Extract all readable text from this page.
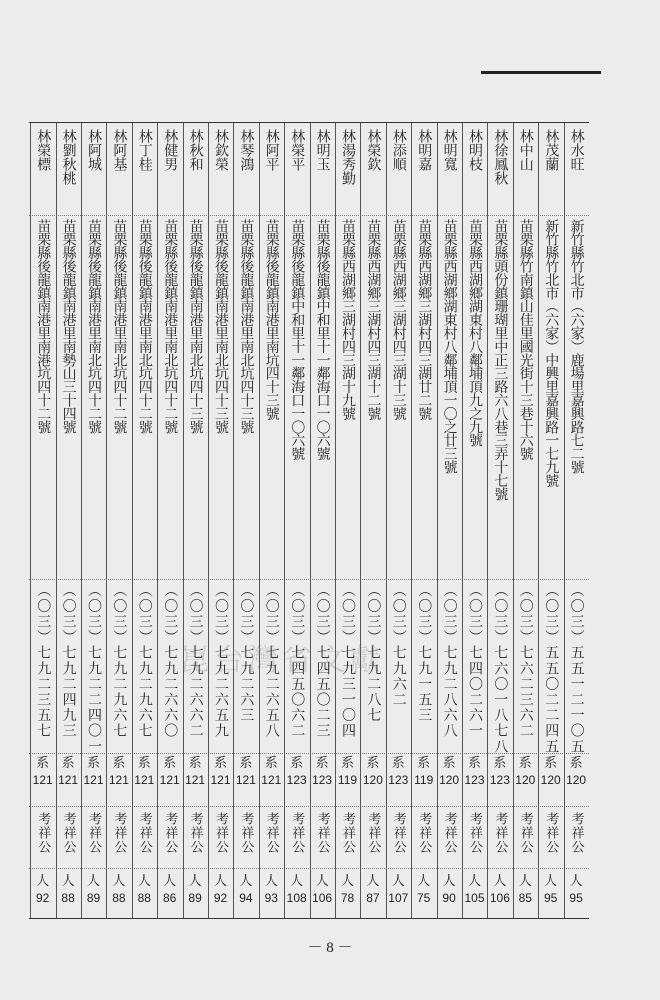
崑台灣省文獻
林水旺
新竹縣竹北市（六家）鹿場里嘉興路七二號
（〇三）五五一二一〇五
系
120
考祥公
人
95
林茂蘭
新竹縣竹北市（六家）中興里嘉興路一七九號
（〇三）五五〇二二四五
系
120
考祥公
人
95
林中山
苗栗縣竹南鎮山佳里國光街十三巷十六號
（〇三）七六二三六二
系
120
考祥公
人
85
林徐鳳秋
苗栗縣頭份鎮珊瑚里中正三路六八巷三弄十七號
（〇三）七六〇一八七八
系
123
考祥公
人
106
林明枝
苗栗縣西湖鄉湖東村八鄰埔頂九之九號
（〇三）七四〇二六一
系
123
考祥公
人
105
林明寬
苗栗縣西湖鄉湖東村八鄰埔頂一〇之廿三號
（〇三）七九二八六八
系
120
考祥公
人
90
林明嘉
苗栗縣西湖鄉三湖村四三湖廿二號
（〇三）七九一五三
系
119
考祥公
人
75
林添順
苗栗縣西湖鄉三湖村四三湖十三號
（〇三）七九六二
系
123
考祥公
人
107
林榮欽
苗栗縣西湖鄉三湖村四三湖十二號
（〇三）七九二八七
系
120
考祥公
人
87
林湯秀勤
苗栗縣西湖鄉三湖村四三湖十九號
（〇三）七九三一〇四
系
119
考祥公
人
78
林明玉
苗栗縣後龍鎮中和里十一鄰海口一〇六號
（〇三）七四五〇二三
系
123
考祥公
人
106
林榮平
苗栗縣後龍鎮中和里十一鄰海口一〇六號
（〇三）七四五〇六二
系
123
考祥公
人
108
林阿平
苗栗縣後龍鎮南港里南坑四十三號
（〇三）七九二六五八
系
121
考祥公
人
93
林琴鴻
苗栗縣後龍鎮南港里南北坑四十三號
（〇三）七九二六三
系
121
考祥公
人
94
林欽榮
苗栗縣後龍鎮南港里南北坑四十三號
（〇三）七九二六五九
系
121
考祥公
人
92
林秋和
苗栗縣後龍鎮南港里南北坑四十三號
（〇三）七九二六六二
系
121
考祥公
人
89
林健男
苗栗縣後龍鎮南港里南北坑四十二號
（〇三）七九二六六〇
系
121
考祥公
人
86
林丁桂
苗栗縣後龍鎮南港里南北坑四十二號
（〇三）七九二九六七
系
121
考祥公
人
88
林阿基
苗栗縣後龍鎮南港里南北坑四十二號
（〇三）七九二九六七
系
121
考祥公
人
88
林阿城
苗栗縣後龍鎮南港里南北坑四十二號
（〇三）七九二二四〇一
系
121
考祥公
人
89
林劉秋桃
苗栗縣後龍鎮南港里南勢山三十四號
（〇三）七九二四九三
系
121
考祥公
人
88
林榮標
苗栗縣後龍鎮南港里南港坑四十二號
（〇三）七九二三五七
系
121
考祥公
人
92
－ 8 －
